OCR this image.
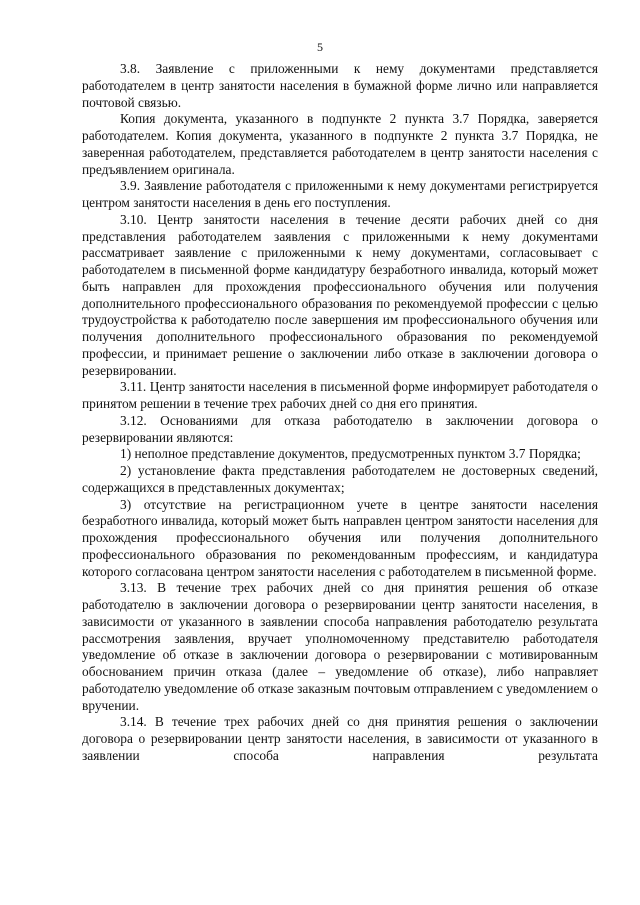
5

3.8. Заявление с приложенными к нему документами представляется работодателем в центр занятости населения в бумажной форме лично или направляется почтовой связью.

Копия документа, указанного в подпункте 2 пункта 3.7 Порядка, заверяется работодателем. Копия документа, указанного в подпункте 2 пункта 3.7 Порядка, не заверенная работодателем, представляется работодателем в центр занятости населения с предъявлением оригинала.

3.9. Заявление работодателя с приложенными к нему документами регистрируется центром занятости населения в день его поступления.

3.10. Центр занятости населения в течение десяти рабочих дней со дня представления работодателем заявления с приложенными к нему документами рассматривает заявление с приложенными к нему документами, согласовывает с работодателем в письменной форме кандидатуру безработного инвалида, который может быть направлен для прохождения профессионального обучения или получения дополнительного профессионального образования по рекомендуемой профессии с целью трудоустройства к работодателю после завершения им профессионального обучения или получения дополнительного профессионального образования по рекомендуемой профессии, и принимает решение о заключении либо отказе в заключении договора о резервировании.

3.11. Центр занятости населения в письменной форме информирует работодателя о принятом решении в течение трех рабочих дней со дня его принятия.

3.12. Основаниями для отказа работодателю в заключении договора о резервировании являются:

1) неполное представление документов, предусмотренных пунктом 3.7 Порядка;

2) установление факта представления работодателем не достоверных сведений, содержащихся в представленных документах;

3) отсутствие на регистрационном учете в центре занятости населения безработного инвалида, который может быть направлен центром занятости населения для прохождения профессионального обучения или получения дополнительного профессионального образования по рекомендованным профессиям, и кандидатура которого согласована центром занятости населения с работодателем в письменной форме.

3.13. В течение трех рабочих дней со дня принятия решения об отказе работодателю в заключении договора о резервировании центр занятости населения, в зависимости от указанного в заявлении способа направления работодателю результата рассмотрения заявления, вручает уполномоченному представителю работодателя уведомление об отказе в заключении договора о резервировании с мотивированным обоснованием причин отказа (далее – уведомление об отказе), либо направляет работодателю уведомление об отказе заказным почтовым отправлением с уведомлением о вручении.

3.14. В течение трех рабочих дней со дня принятия решения о заключении договора о резервировании центр занятости населения, в зависимости от указанного в заявлении способа направления результата
